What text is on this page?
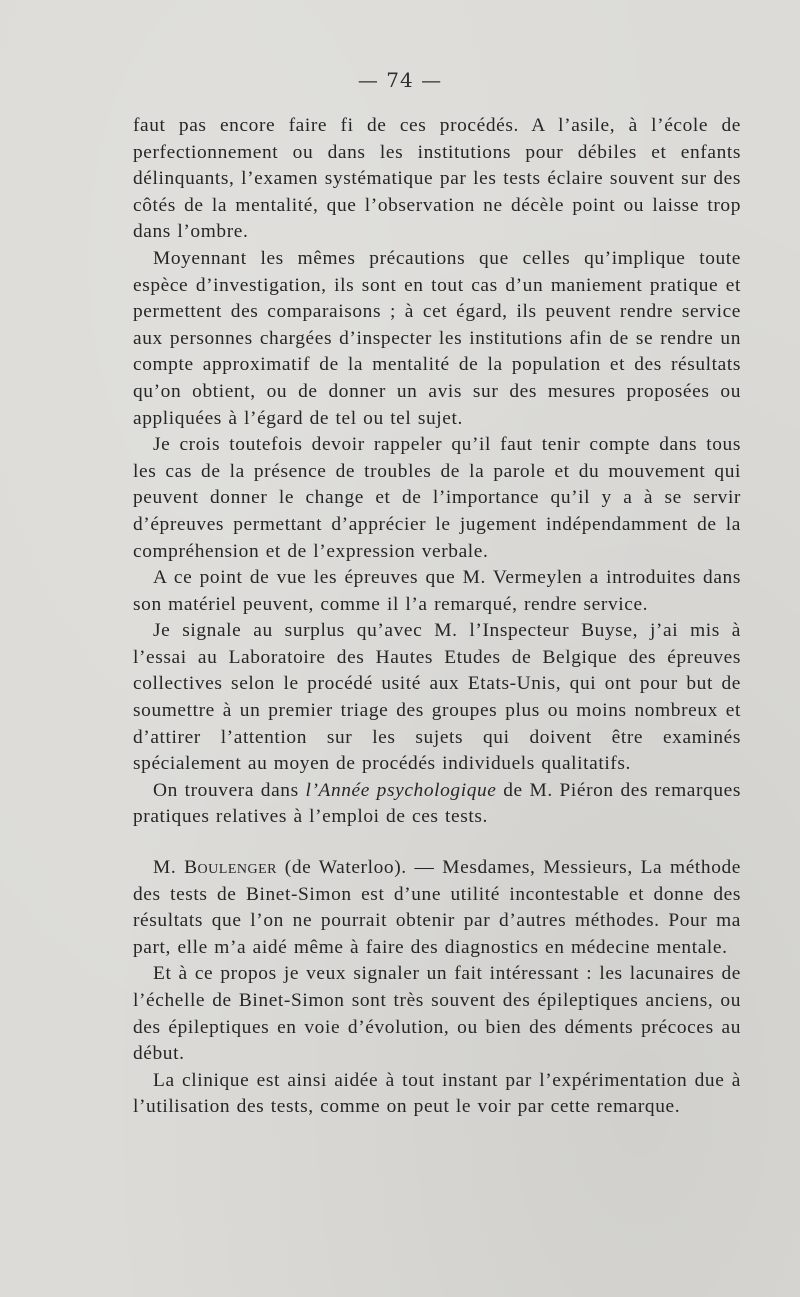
— 74 —

faut pas encore faire fi de ces procédés. A l’asile, à l’école de perfectionnement ou dans les institutions pour débiles et enfants délinquants, l’examen systématique par les tests éclaire souvent sur des côtés de la mentalité, que l’observation ne décèle point ou laisse trop dans l’ombre.

Moyennant les mêmes précautions que celles qu’implique toute espèce d’investigation, ils sont en tout cas d’un maniement pratique et permettent des comparaisons ; à cet égard, ils peuvent rendre service aux personnes chargées d’inspecter les institutions afin de se rendre un compte approximatif de la mentalité de la population et des résultats qu’on obtient, ou de donner un avis sur des mesures proposées ou appliquées à l’égard de tel ou tel sujet.

Je crois toutefois devoir rappeler qu’il faut tenir compte dans tous les cas de la présence de troubles de la parole et du mouvement qui peuvent donner le change et de l’importance qu’il y a à se servir d’épreuves permettant d’apprécier le jugement indépendamment de la compréhension et de l’expression verbale.

A ce point de vue les épreuves que M. Vermeylen a introduites dans son matériel peuvent, comme il l’a remarqué, rendre service.

Je signale au surplus qu’avec M. l’Inspecteur Buyse, j’ai mis à l’essai au Laboratoire des Hautes Etudes de Belgique des épreuves collectives selon le procédé usité aux Etats-Unis, qui ont pour but de soumettre à un premier triage des groupes plus ou moins nombreux et d’attirer l’attention sur les sujets qui doivent être examinés spécialement au moyen de procédés individuels qualitatifs.

On trouvera dans l’Année psychologique de M. Piéron des remarques pratiques relatives à l’emploi de ces tests.

M. Boulenger (de Waterloo). — Mesdames, Messieurs, La méthode des tests de Binet-Simon est d’une utilité incontestable et donne des résultats que l’on ne pourrait obtenir par d’autres méthodes. Pour ma part, elle m’a aidé même à faire des diagnostics en médecine mentale.

Et à ce propos je veux signaler un fait intéressant : les lacunaires de l’échelle de Binet-Simon sont très souvent des épileptiques anciens, ou des épileptiques en voie d’évolution, ou bien des déments précoces au début.

La clinique est ainsi aidée à tout instant par l’expérimentation due à l’utilisation des tests, comme on peut le voir par cette remarque.
